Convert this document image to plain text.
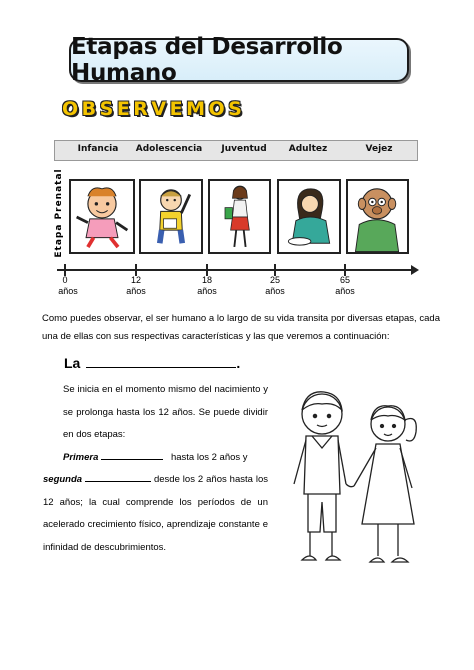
Etapas del Desarrollo Humano
OBSERVEMOS
Infancia Adolescencia Juventud Adultez	Vejez
Etapa Prenatal
0
años
12
años
18
años
25
años
65
años

Como puedes observar, el ser humano a lo largo de su vida transita por diversas etapas, cada una de ellas con sus respectivas características y las que veremos a continuación:

La	.

Se inicia en el momento mismo del nacimiento y se prolonga hasta los 12 años. Se puede dividir en dos etapas:

Primera	hasta los 2 años y

segunda	desde los 2 años hasta los 12 años; la cual comprende los períodos de un acelerado crecimiento físico, aprendizaje constante e infinidad de descubrimientos.
